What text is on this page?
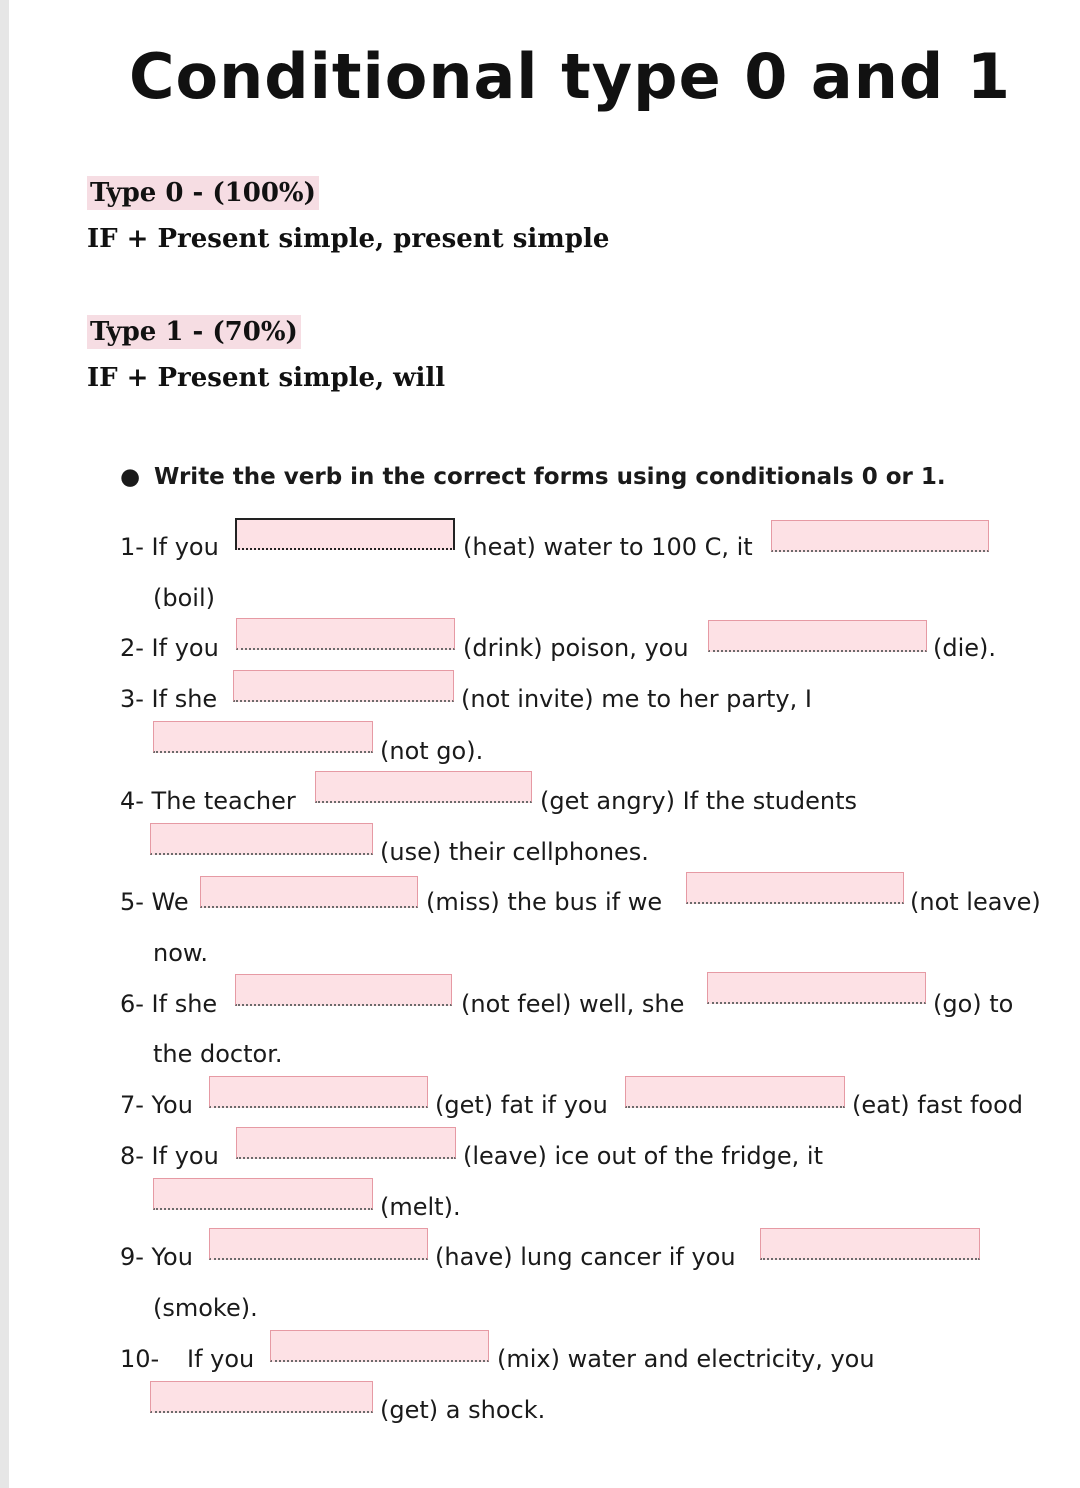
Conditional type 0 and 1
Type 0 - (100%)
IF + Present simple, present simple
Type 1 - (70%)
IF + Present simple, will
● Write the verb in the correct forms using conditionals 0 or 1.
1- If you	(heat) water to 100 C, it
(boil)
2- If you	(drink) poison, you	(die).
3- If she	(not invite) me to her party, I
(not go).
4- The teacher	(get angry) If the students
(use) their cellphones.
5- We	(miss) the bus if we	(not leave)
now.
6- If she	(not feel) well, she	(go) to
the doctor.
7- You	(get) fat if you	(eat) fast food
8- If you	(leave) ice out of the fridge, it
(melt).
9- You	(have) lung cancer if you
(smoke).
10- If you	(mix) water and electricity, you
(get) a shock.
